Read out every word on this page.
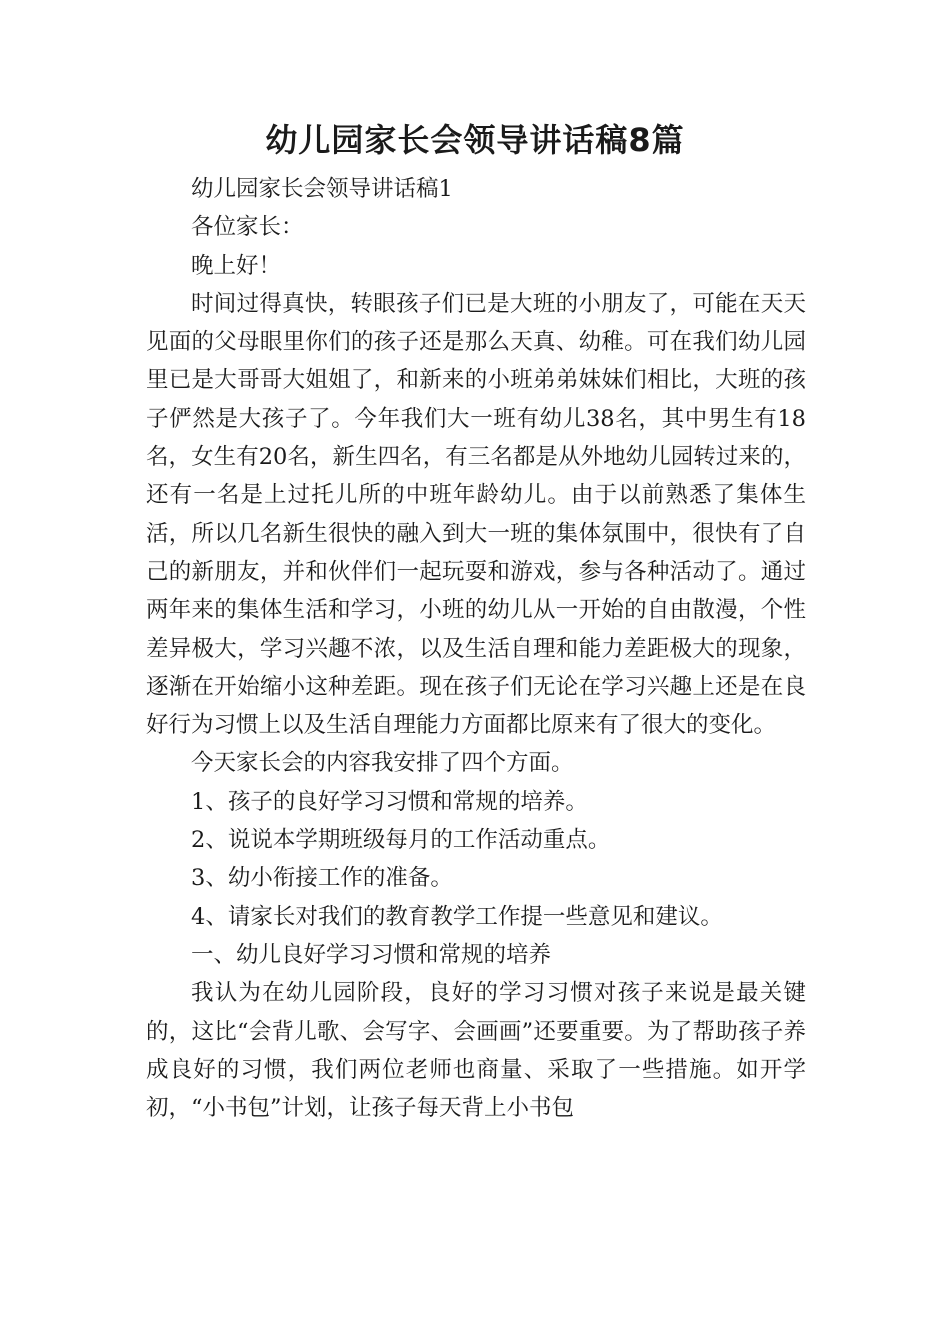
幼儿园家长会领导讲话稿8篇

幼儿园家长会领导讲话稿1

各位家长：

晚上好！

时间过得真快，转眼孩子们已是大班的小朋友了，可能在天天见面的父母眼里你们的孩子还是那么天真、幼稚。可在我们幼儿园里已是大哥哥大姐姐了，和新来的小班弟弟妹妹们相比，大班的孩子俨然是大孩子了。今年我们大一班有幼儿38名，其中男生有18名，女生有20名，新生四名，有三名都是从外地幼儿园转过来的，还有一名是上过托儿所的中班年龄幼儿。由于以前熟悉了集体生活，所以几名新生很快的融入到大一班的集体氛围中，很快有了自己的新朋友，并和伙伴们一起玩耍和游戏，参与各种活动了。通过两年来的集体生活和学习，小班的幼儿从一开始的自由散漫，个性差异极大，学习兴趣不浓，以及生活自理和能力差距极大的现象，逐渐在开始缩小这种差距。现在孩子们无论在学习兴趣上还是在良好行为习惯上以及生活自理能力方面都比原来有了很大的变化。

今天家长会的内容我安排了四个方面。

1、孩子的良好学习习惯和常规的培养。

2、说说本学期班级每月的工作活动重点。

3、幼小衔接工作的准备。

4、请家长对我们的教育教学工作提一些意见和建议。

一、幼儿良好学习习惯和常规的培养

我认为在幼儿园阶段，良好的学习习惯对孩子来说是最关键的，这比“会背儿歌、会写字、会画画”还要重要。为了帮助孩子养成良好的习惯，我们两位老师也商量、采取了一些措施。如开学初，“小书包”计划，让孩子每天背上小书包
